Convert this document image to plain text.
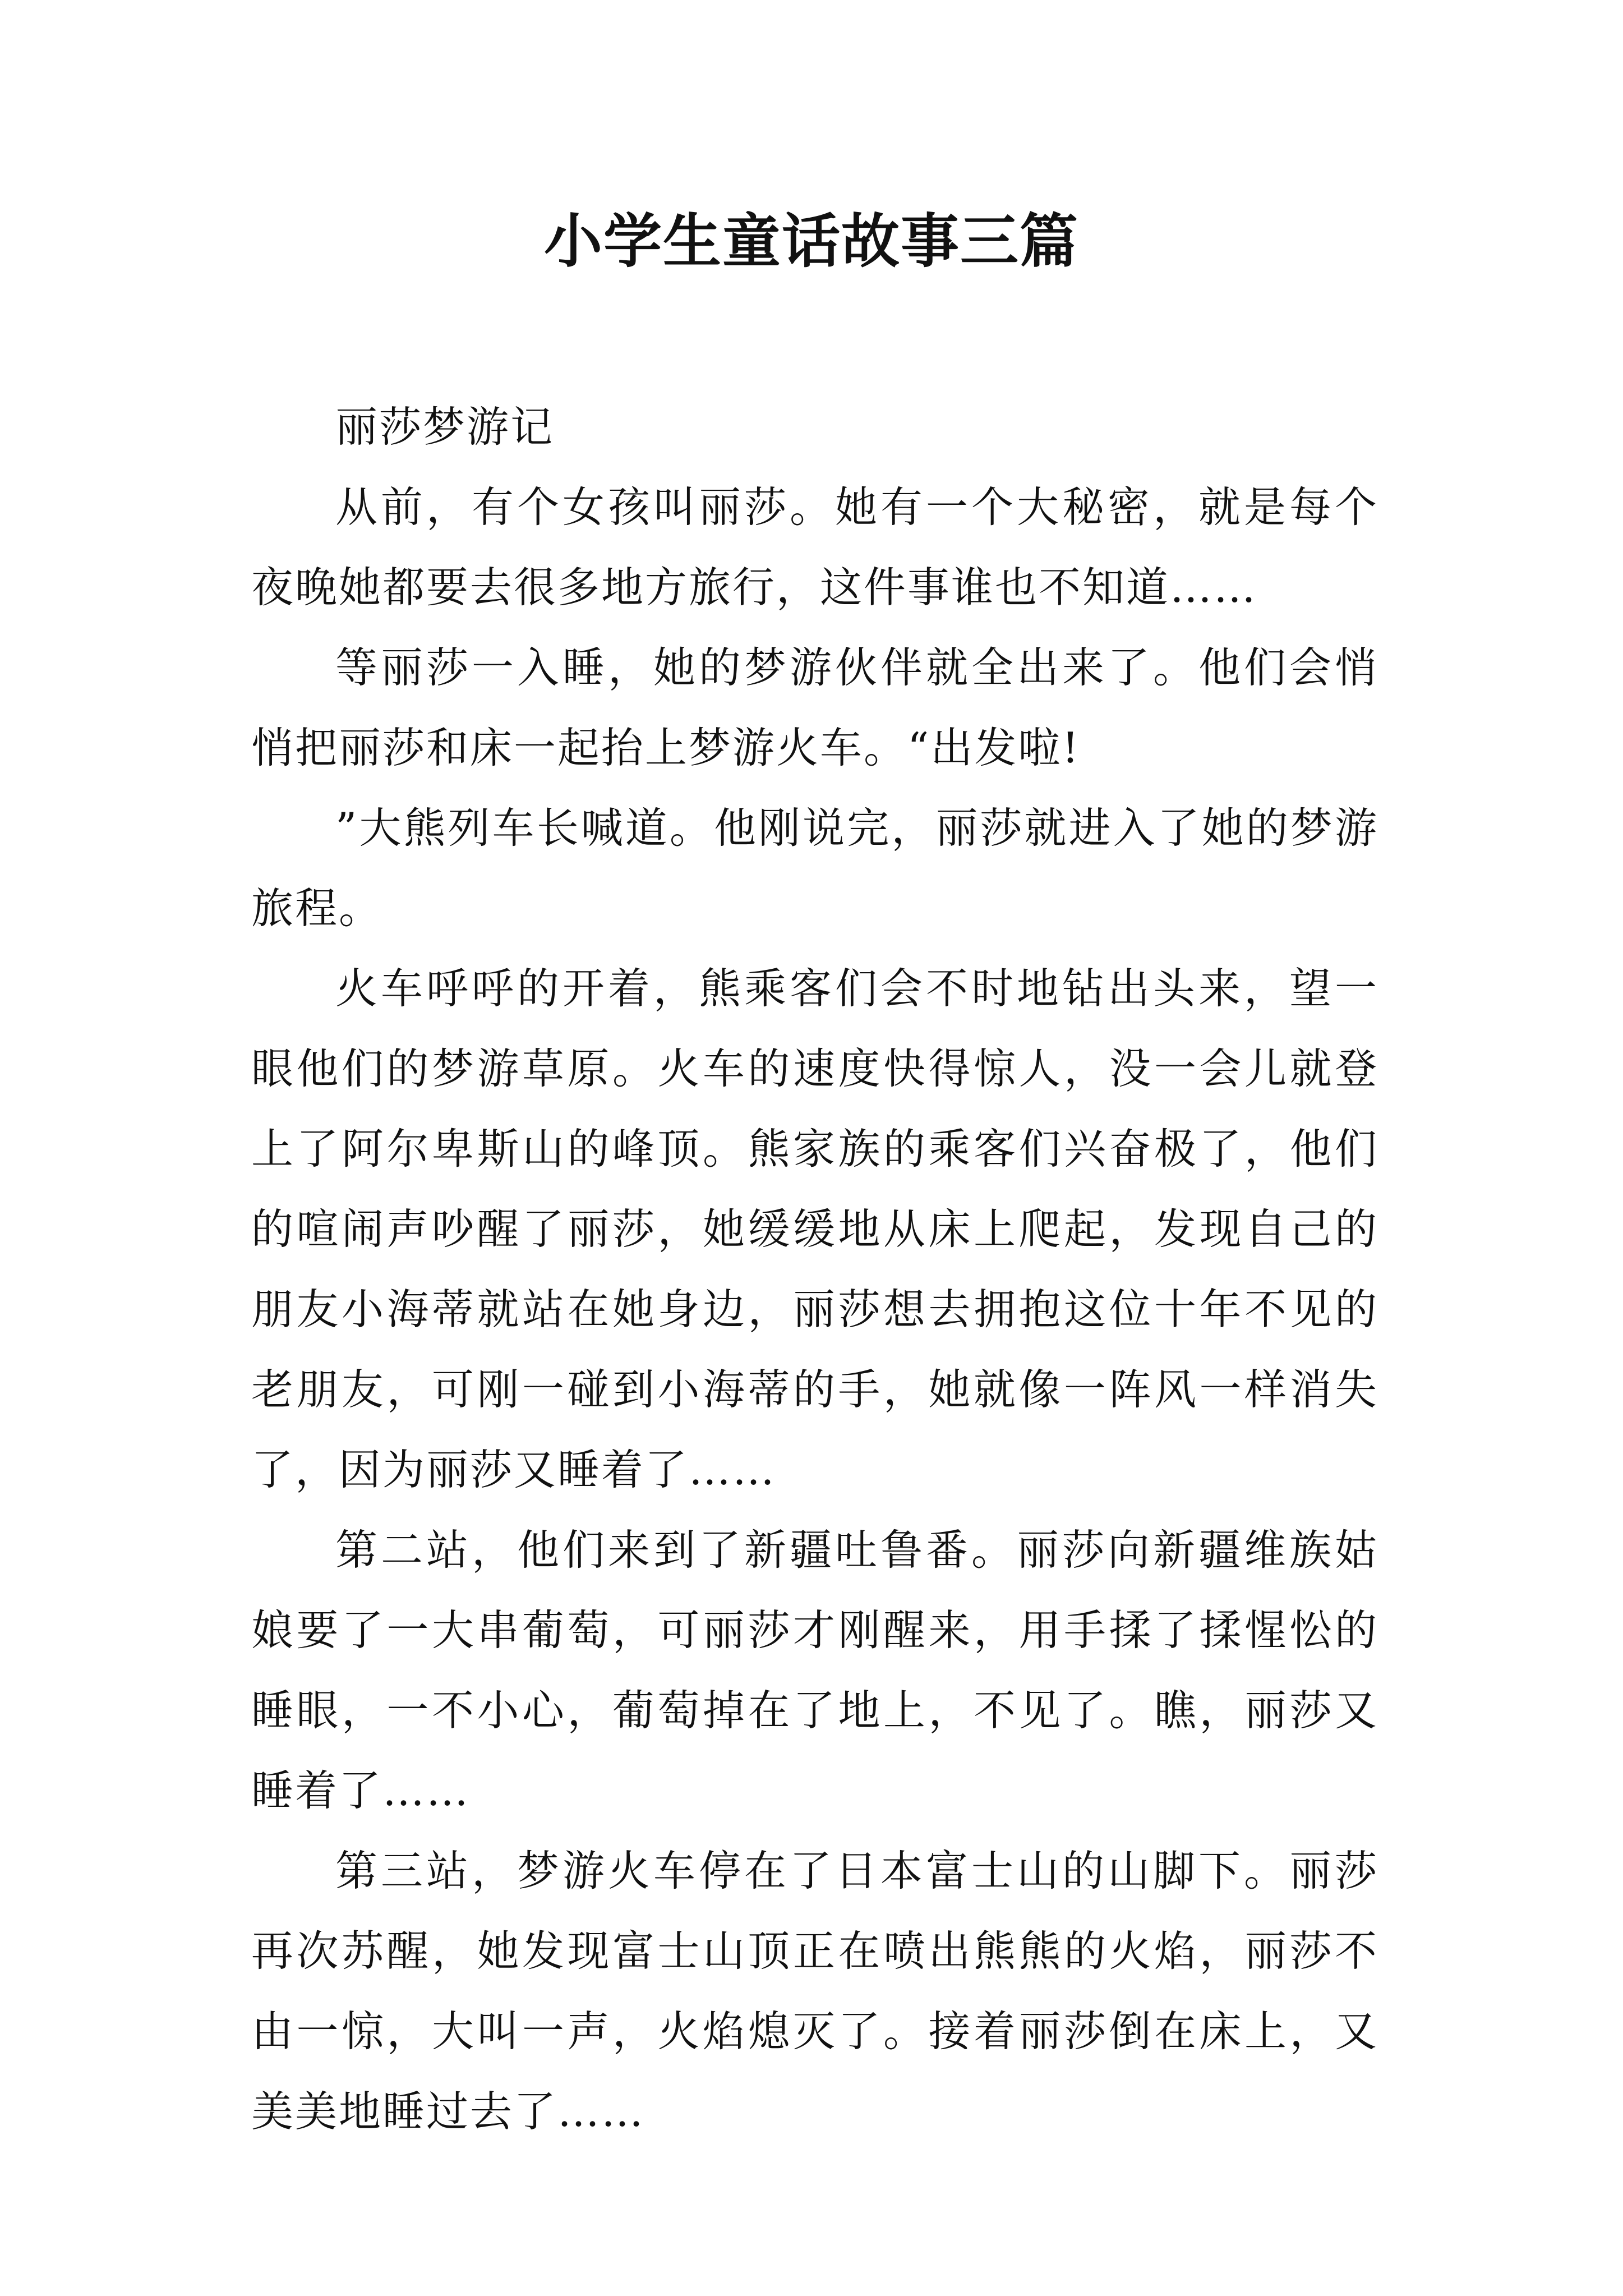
小学生童话故事三篇

丽莎梦游记

从前，有个女孩叫丽莎。她有一个大秘密，就是每个夜晚她都要去很多地方旅行，这件事谁也不知道……

等丽莎一入睡，她的梦游伙伴就全出来了。他们会悄悄把丽莎和床一起抬上梦游火车。“出发啦!

”大熊列车长喊道。他刚说完，丽莎就进入了她的梦游旅程。

火车呼呼的开着，熊乘客们会不时地钻出头来，望一眼他们的梦游草原。火车的速度快得惊人，没一会儿就登上了阿尔卑斯山的峰顶。熊家族的乘客们兴奋极了，他们的喧闹声吵醒了丽莎，她缓缓地从床上爬起，发现自己的朋友小海蒂就站在她身边，丽莎想去拥抱这位十年不见的老朋友，可刚一碰到小海蒂的手，她就像一阵风一样消失了，因为丽莎又睡着了……

第二站，他们来到了新疆吐鲁番。丽莎向新疆维族姑娘要了一大串葡萄，可丽莎才刚醒来，用手揉了揉惺忪的睡眼，一不小心，葡萄掉在了地上，不见了。瞧，丽莎又睡着了……

第三站，梦游火车停在了日本富士山的山脚下。丽莎再次苏醒，她发现富士山顶正在喷出熊熊的火焰，丽莎不由一惊，大叫一声，火焰熄灭了。接着丽莎倒在床上，又美美地睡过去了……
